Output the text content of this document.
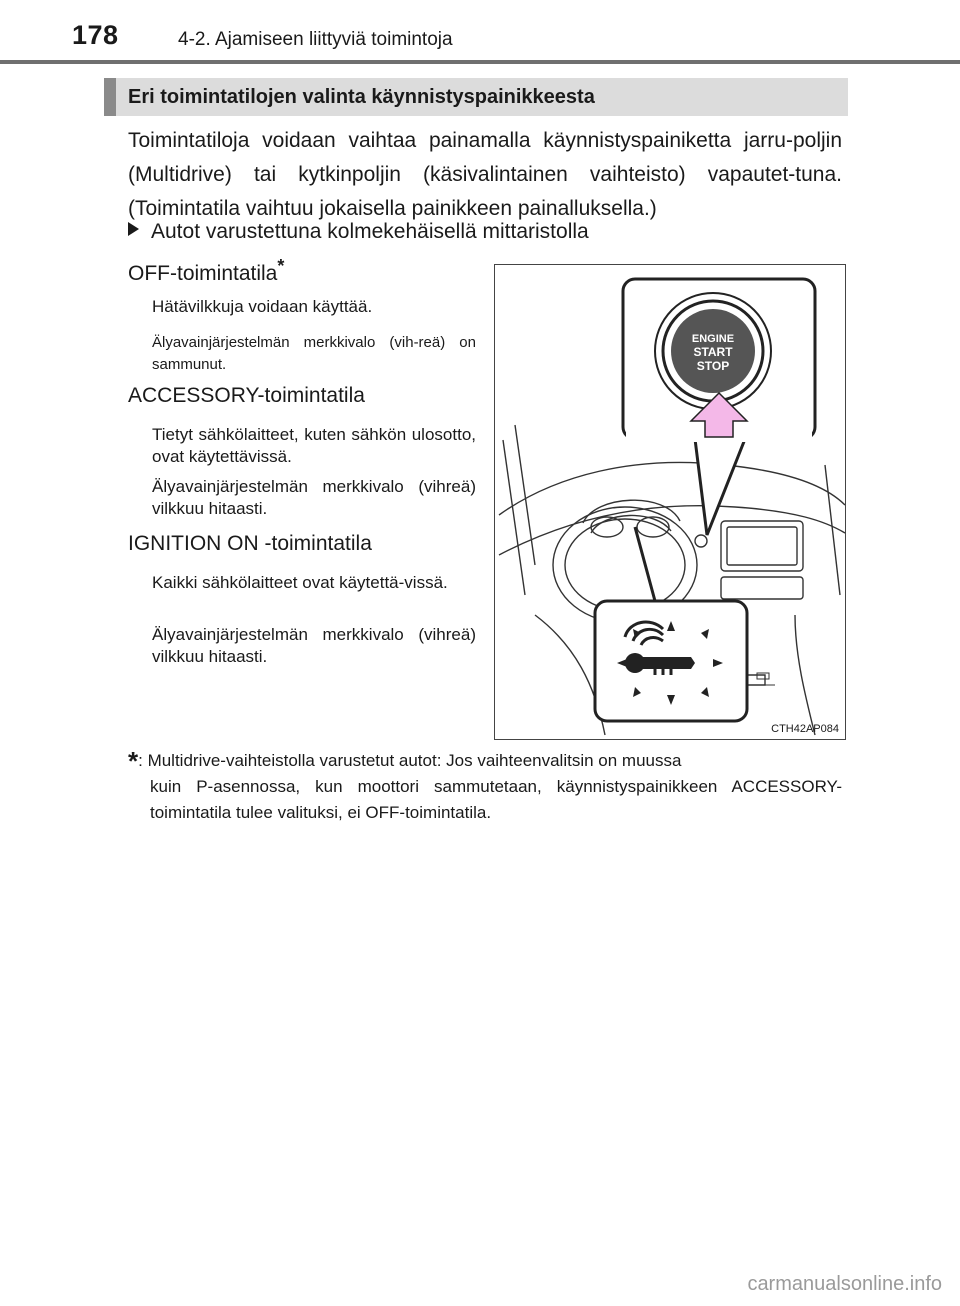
178	4-2. Ajamiseen liittyviä toimintoja
Eri toimintatilojen valinta käynnistyspainikkeesta
Toimintatiloja voidaan vaihtaa painamalla käynnistyspainiketta jarru-poljin (Multidrive) tai kytkinpoljin (käsivalintainen vaihteisto) vapautet-tuna. (Toimintatila vaihtuu jokaisella painikkeen painalluksella.)
Autot varustettuna kolmekehäisellä mittaristolla
OFF-toimintatila*
Hätävilkkuja voidaan käyttää.
Älyavainjärjestelmän merkkivalo (vih-reä) on sammunut.
ACCESSORY-toimintatila
Tietyt sähkölaitteet, kuten sähkön ulosotto, ovat käytettävissä.
Älyavainjärjestelmän merkkivalo (vihreä) vilkkuu hitaasti.
IGNITION ON -toimintatila
Kaikki sähkölaitteet ovat käytettä-vissä.
Älyavainjärjestelmän merkkivalo (vihreä) vilkkuu hitaasti.
ENGINE
START
STOP
CTH42AP084
*: Multidrive-vaihteistolla varustetut autot: Jos vaihteenvalitsin on muussa
kuin P-asennossa, kun moottori sammutetaan, käynnistyspainikkeen ACCESSORY-toimintatila tulee valituksi, ei OFF-toimintatila.
carmanualsonline.info
